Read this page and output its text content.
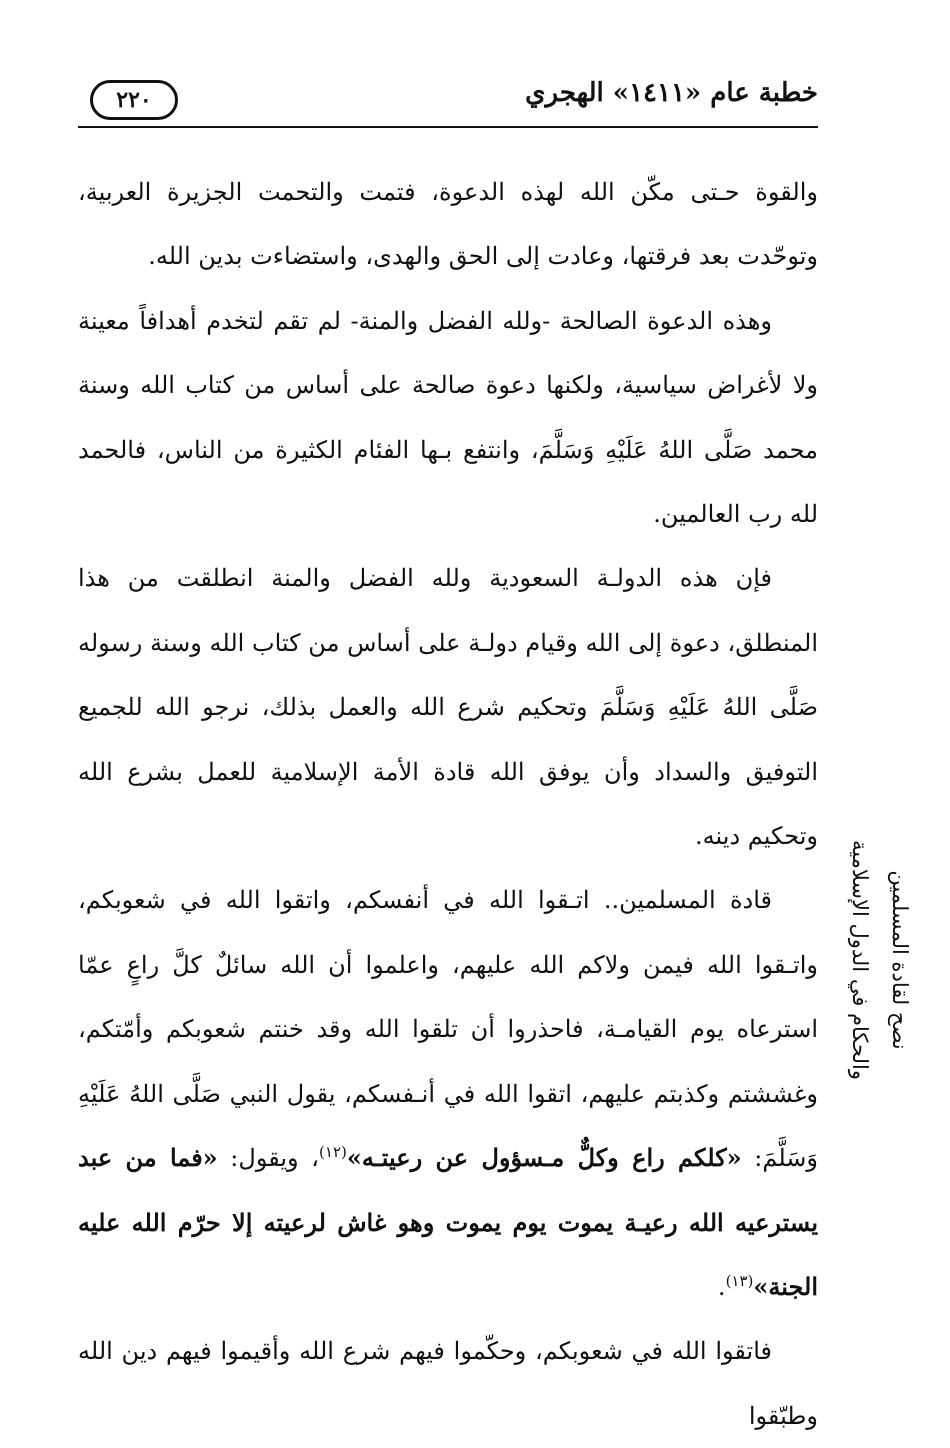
خطبة عام «١٤١١» الهجري
٢٢٠

والقوة حـتى مكّن الله لهذه الدعوة، فتمت والتحمت الجزيرة العربية، وتوحّدت بعد فرقتها، وعادت إلى الحق والهدى، واستضاءت بدين الله.

وهذه الدعوة الصالحة -ولله الفضل والمنة- لم تقم لتخدم أهدافاً معينة ولا لأغراض سياسية، ولكنها دعوة صالحة على أساس من كتاب الله وسنة محمد صَلَّى اللهُ عَلَيْهِ وَسَلَّمَ، وانتفع بـها الفئام الكثيرة من الناس، فالحمد لله رب العالمين.

فإن هذه الدولـة السعودية ولله الفضل والمنة انطلقت من هذا المنطلق، دعوة إلى الله وقيام دولـة على أساس من كتاب الله وسنة رسوله صَلَّى اللهُ عَلَيْهِ وَسَلَّمَ وتحكيم شرع الله والعمل بذلك، نرجو الله للجميع التوفيق والسداد وأن يوفق الله قادة الأمة الإسلامية للعمل بشرع الله وتحكيم دينه.

قادة المسلمين.. اتـقوا الله في أنفسكم، واتقوا الله في شعوبكم، واتـقوا الله فيمن ولاكم الله عليهم، واعلموا أن الله سائلٌ كلَّ راعٍ عمّا استرعاه يوم القيامـة، فاحذروا أن تلقوا الله وقد خنتم شعوبكم وأمّتكم، وغششتم وكذبتم عليهم، اتقوا الله في أنـفسكم، يقول النبي صَلَّى اللهُ عَلَيْهِ وَسَلَّمَ: «كلكم راع وكلٌّ مـسؤول عن رعيتـه»$^{(١٢)}$، ويقول: «فما من عبد يسترعيه الله رعيـة يموت يوم يموت وهو غاش لرعيته إلا حرّم الله عليه الجنة»$^{(١٣)}$.

فاتقوا الله في شعوبكم، وحكّموا فيهم شرع الله وأقيموا فيهم دين الله وطبّقوا

نصح لقادة المسلمين
والحكام في الدول الإسلامية
